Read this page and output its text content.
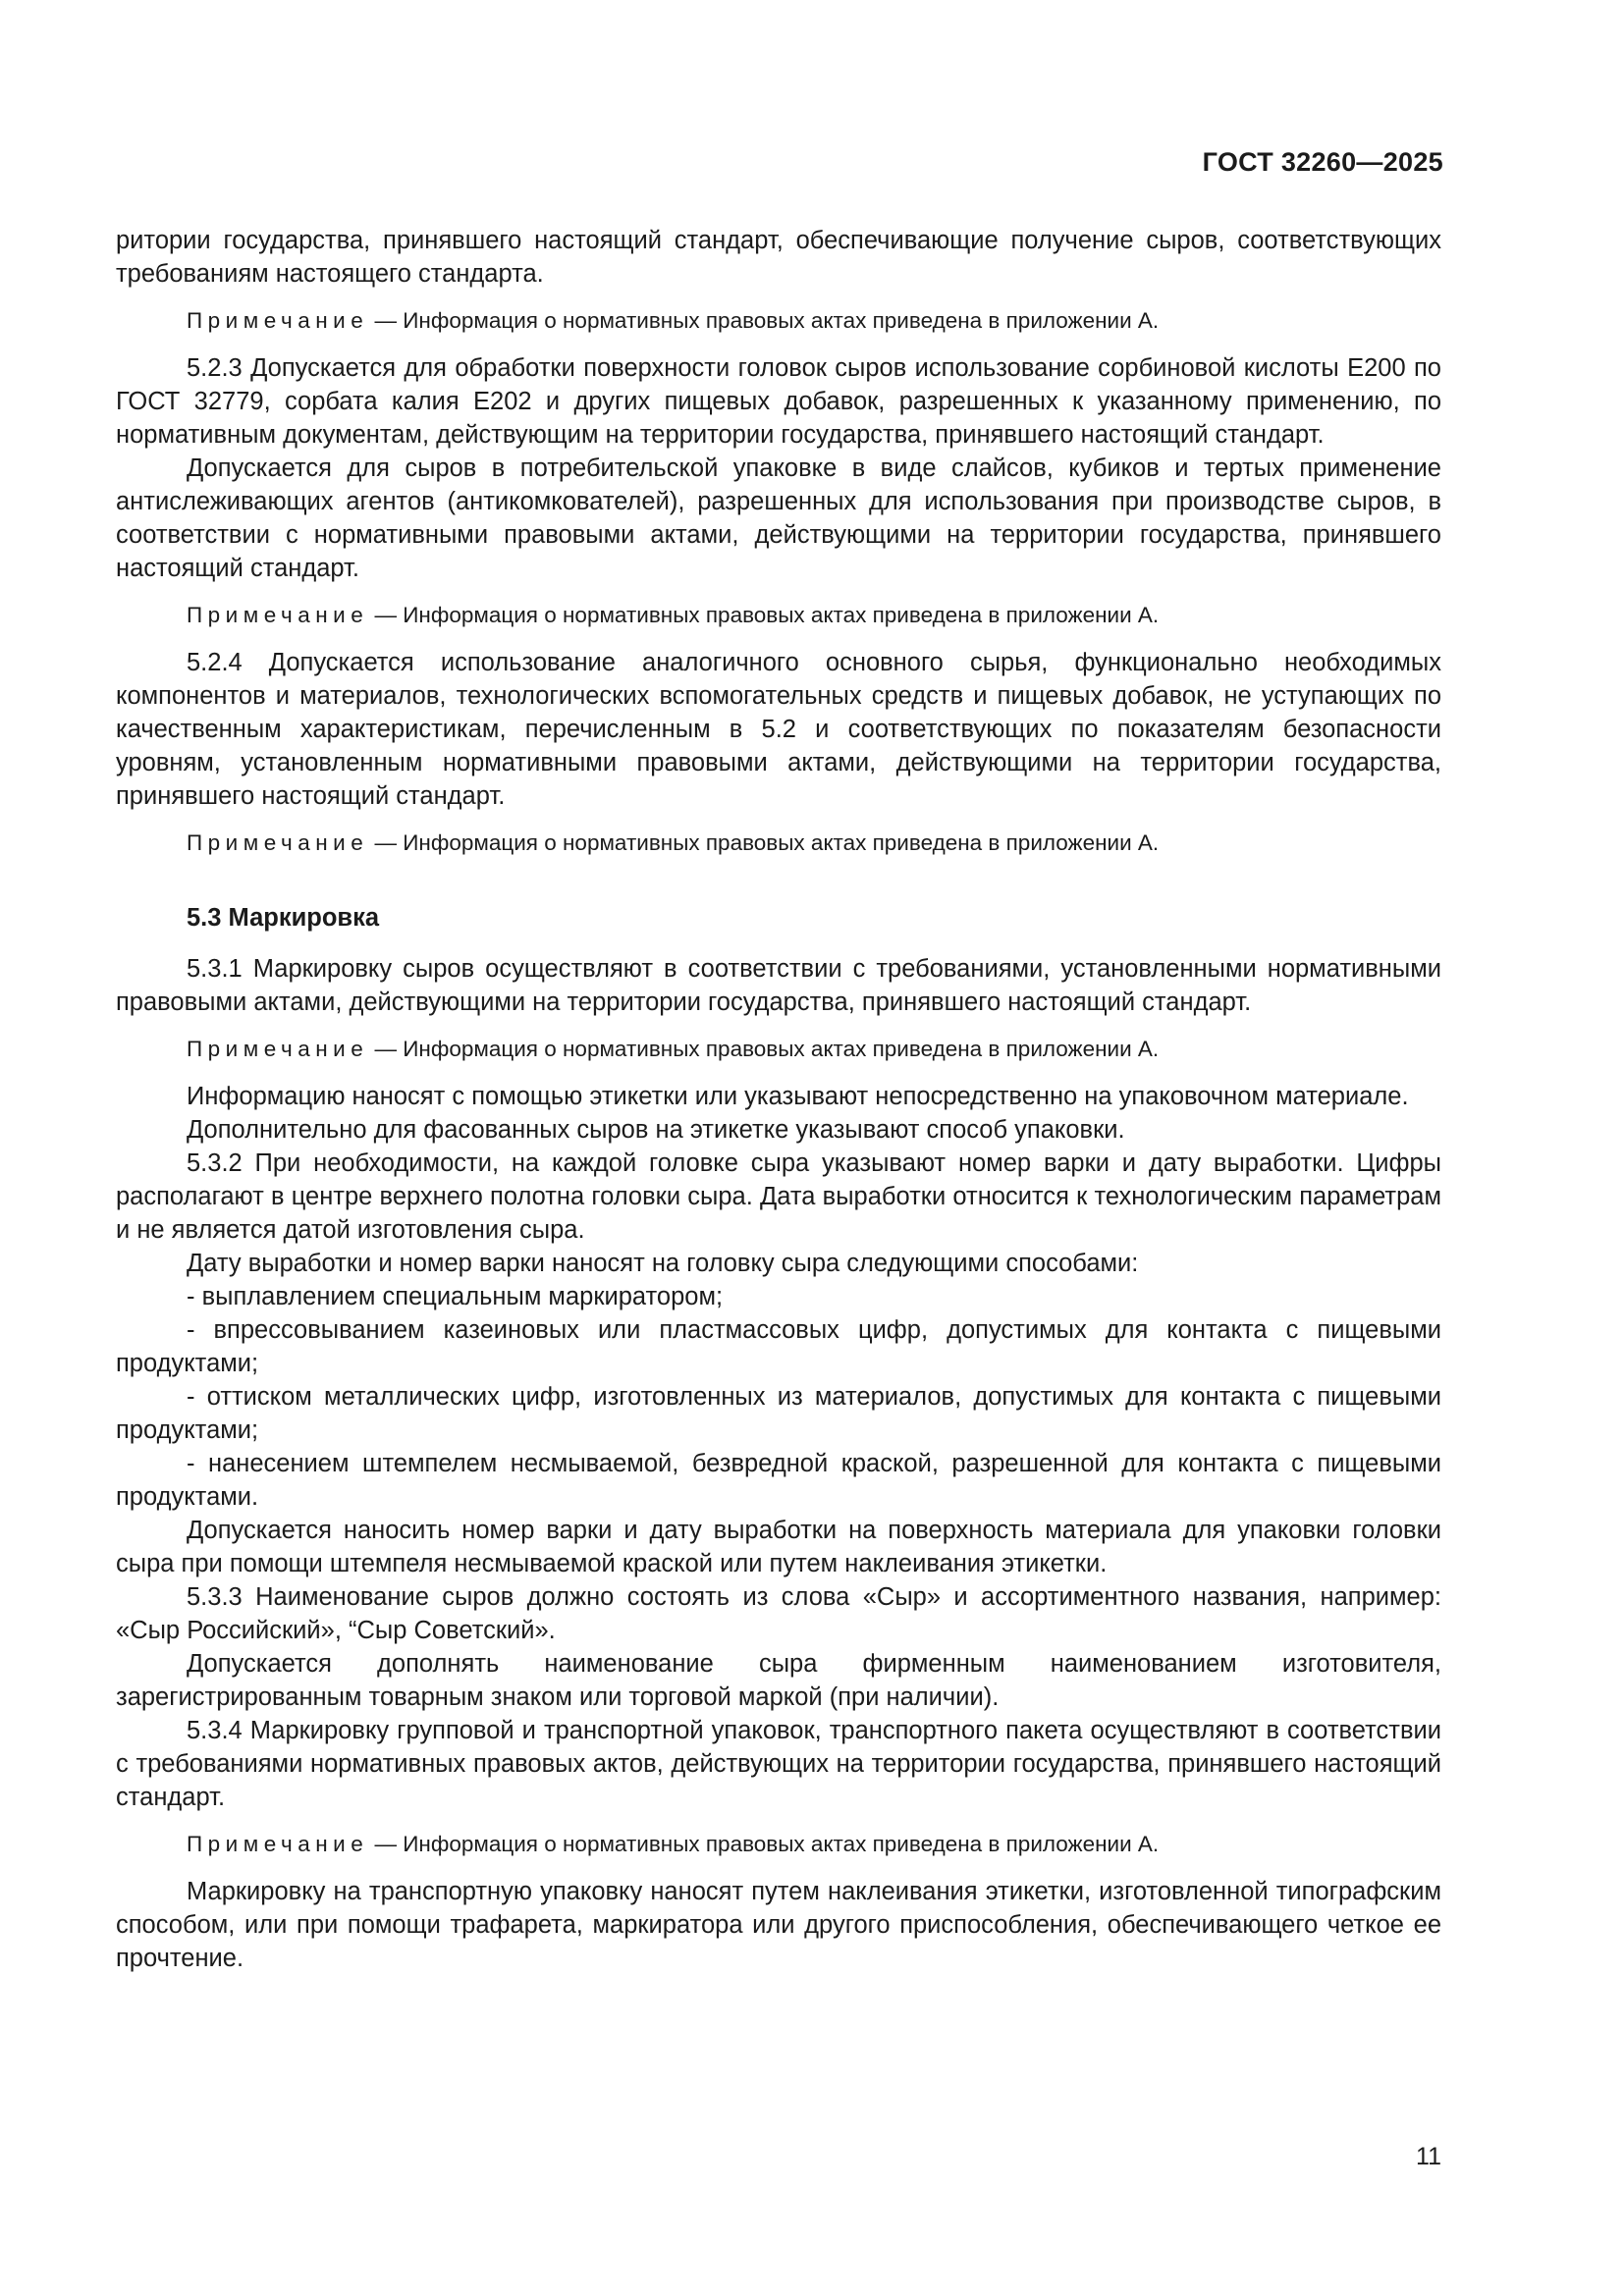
ГОСТ 32260—2025

ритории государства, принявшего настоящий стандарт, обеспечивающие получение сыров, соответствующих требованиям настоящего стандарта.

Примечание — Информация о нормативных правовых актах приведена в приложении А.

5.2.3 Допускается для обработки поверхности головок сыров использование сорбиновой кислоты Е200 по ГОСТ 32779, сорбата калия Е202 и других пищевых добавок, разрешенных к указанному применению, по нормативным документам, действующим на территории государства, принявшего настоящий стандарт.

Допускается для сыров в потребительской упаковке в виде слайсов, кубиков и тертых применение антислеживающих агентов (антикомкователей), разрешенных для использования при производстве сыров, в соответствии с нормативными правовыми актами, действующими на территории государства, принявшего настоящий стандарт.

Примечание — Информация о нормативных правовых актах приведена в приложении А.

5.2.4 Допускается использование аналогичного основного сырья, функционально необходимых компонентов и материалов, технологических вспомогательных средств и пищевых добавок, не уступающих по качественным характеристикам, перечисленным в 5.2 и соответствующих по показателям безопасности уровням, установленным нормативными правовыми актами, действующими на территории государства, принявшего настоящий стандарт.

Примечание — Информация о нормативных правовых актах приведена в приложении А.

5.3 Маркировка

5.3.1 Маркировку сыров осуществляют в соответствии с требованиями, установленными нормативными правовыми актами, действующими на территории государства, принявшего настоящий стандарт.

Примечание — Информация о нормативных правовых актах приведена в приложении А.

Информацию наносят с помощью этикетки или указывают непосредственно на упаковочном материале.

Дополнительно для фасованных сыров на этикетке указывают способ упаковки.

5.3.2 При необходимости, на каждой головке сыра указывают номер варки и дату выработки. Цифры располагают в центре верхнего полотна головки сыра. Дата выработки относится к технологическим параметрам и не является датой изготовления сыра.

Дату выработки и номер варки наносят на головку сыра следующими способами:

- выплавлением специальным маркиратором;

- впрессовыванием казеиновых или пластмассовых цифр, допустимых для контакта с пищевыми продуктами;

- оттиском металлических цифр, изготовленных из материалов, допустимых для контакта с пищевыми продуктами;

- нанесением штемпелем несмываемой, безвредной краской, разрешенной для контакта с пищевыми продуктами.

Допускается наносить номер варки и дату выработки на поверхность материала для упаковки головки сыра при помощи штемпеля несмываемой краской или путем наклеивания этикетки.

5.3.3 Наименование сыров должно состоять из слова «Сыр» и ассортиментного названия, например: «Сыр Российский», “Сыр Советский».

Допускается дополнять наименование сыра фирменным наименованием изготовителя, зарегистрированным товарным знаком или торговой маркой (при наличии).

5.3.4 Маркировку групповой и транспортной упаковок, транспортного пакета осуществляют в соответствии с требованиями нормативных правовых актов, действующих на территории государства, принявшего настоящий стандарт.

Примечание — Информация о нормативных правовых актах приведена в приложении А.

Маркировку на транспортную упаковку наносят путем наклеивания этикетки, изготовленной типографским способом, или при помощи трафарета, маркиратора или другого приспособления, обеспечивающего четкое ее прочтение.

11
